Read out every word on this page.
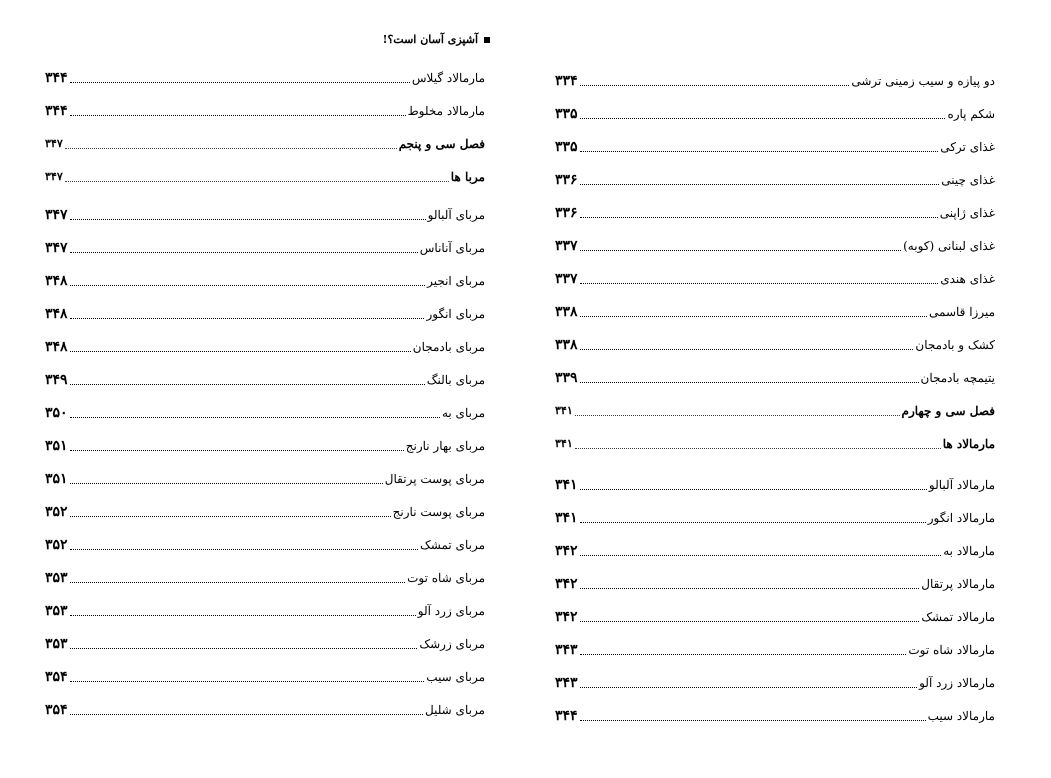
آشپزی آسان است؟!
۳۴۴	مارمالاد گیلاس
۳۴۴	مارمالاد مخلوط
۳۴۷	فصل سی و پنجم
۳۴۷	مربا ها
۳۴۷	مربای آلبالو
۳۴۷	مربای آناناس
۳۴۸	مربای انجیر
۳۴۸	مربای انگور
۳۴۸	مربای بادمجان
۳۴۹	مربای بالنگ
۳۵۰	مربای به
۳۵۱	مربای بهار نارنج
۳۵۱	مربای پوست پرتقال
۳۵۲	مربای پوست نارنج
۳۵۲	مربای تمشک
۳۵۳	مربای شاه توت
۳۵۳	مربای زرد آلو
۳۵۳	مربای زرشک
۳۵۴	مربای سیب
۳۵۴	مربای شلیل
۳۳۴	دو پیازه و سیب زمینی ترشی
۳۳۵	شکم پاره
۳۳۵	غذای ترکی
۳۳۶	غذای چینی
۳۳۶	غذای ژاپنی
۳۳۷	غذای لبنانی (کوبه)
۳۳۷	غذای هندی
۳۳۸	میرزا قاسمی
۳۳۸	کشک و بادمجان
۳۳۹	یتیمچه بادمجان
۳۴۱	فصل سی و چهارم
۳۴۱	مارمالاد ها
۳۴۱	مارمالاد آلبالو
۳۴۱	مارمالاد انگور
۳۴۲	مارمالاد به
۳۴۲	مارمالاد پرتقال
۳۴۲	مارمالاد تمشک
۳۴۳	مارمالاد شاه توت
۳۴۳	مارمالاد زرد آلو
۳۴۴	مارمالاد سیب
